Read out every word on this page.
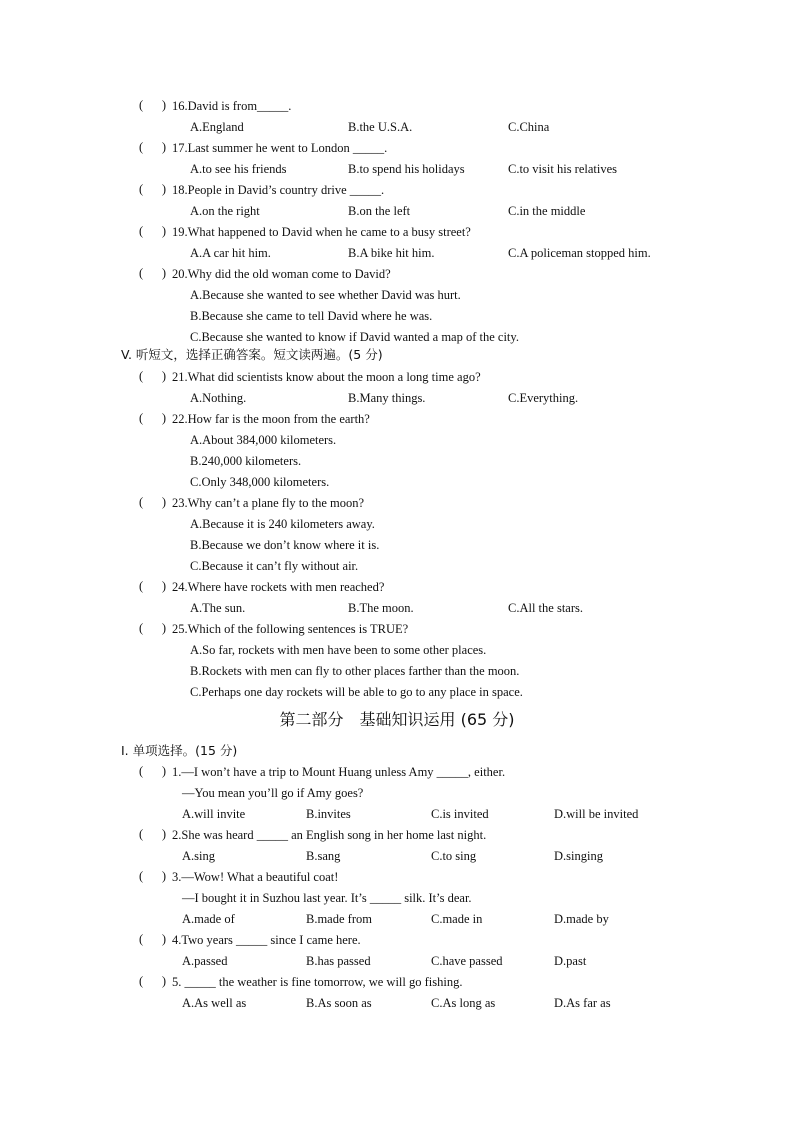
(      ) 16.David is from_____.
A.England	B.the U.S.A.	C.China
(      ) 17.Last summer he went to London _____.
A.to see his friends	B.to spend his holidays	C.to visit his relatives
(      ) 18.People in David’s country drive _____.
A.on the right	B.on the left	C.in the middle
(      ) 19.What happened to David when he came to a busy street?
A.A car hit him.	B.A bike hit him.	C.A policeman stopped him.
(      ) 20.Why did the old woman come to David?
A.Because she wanted to see whether David was hurt.
B.Because she came to tell David where he was.
C.Because she wanted to know if David wanted a map of the city.
V. 听短文，选择正确答案。短文读两遍。(5 分)
(      ) 21.What did scientists know about the moon a long time ago?
A.Nothing.	B.Many things.	C.Everything.
(      ) 22.How far is the moon from the earth?
A.About 384,000 kilometers.
B.240,000 kilometers.
C.Only 348,000 kilometers.
(      ) 23.Why can’t a plane fly to the moon?
A.Because it is 240 kilometers away.
B.Because we don’t know where it is.
C.Because it can’t fly without air.
(      ) 24.Where have rockets with men reached?
A.The sun.	B.The moon.	C.All the stars.
(      ) 25.Which of the following sentences is TRUE?
A.So far, rockets with men have been to some other places.
B.Rockets with men can fly to other places farther than the moon.
C.Perhaps one day rockets will be able to go to any place in space.
第二部分　基础知识运用 (65 分)
I. 单项选择。(15 分)
(      ) 1.—I won’t have a trip to Mount Huang unless Amy _____, either.
—You mean you’ll go if Amy goes?
A.will invite	B.invites	C.is invited	D.will be invited
(      ) 2.She was heard _____ an English song in her home last night.
A.sing	B.sang	C.to sing	D.singing
(      ) 3.—Wow! What a beautiful coat!
—I bought it in Suzhou last year. It’s _____ silk. It’s dear.
A.made of	B.made from	C.made in	D.made by
(      ) 4.Two years _____ since I came here.
A.passed	B.has passed	C.have passed	D.past
(      ) 5. _____ the weather is fine tomorrow, we will go fishing.
A.As well as	B.As soon as	C.As long as	D.As far as
